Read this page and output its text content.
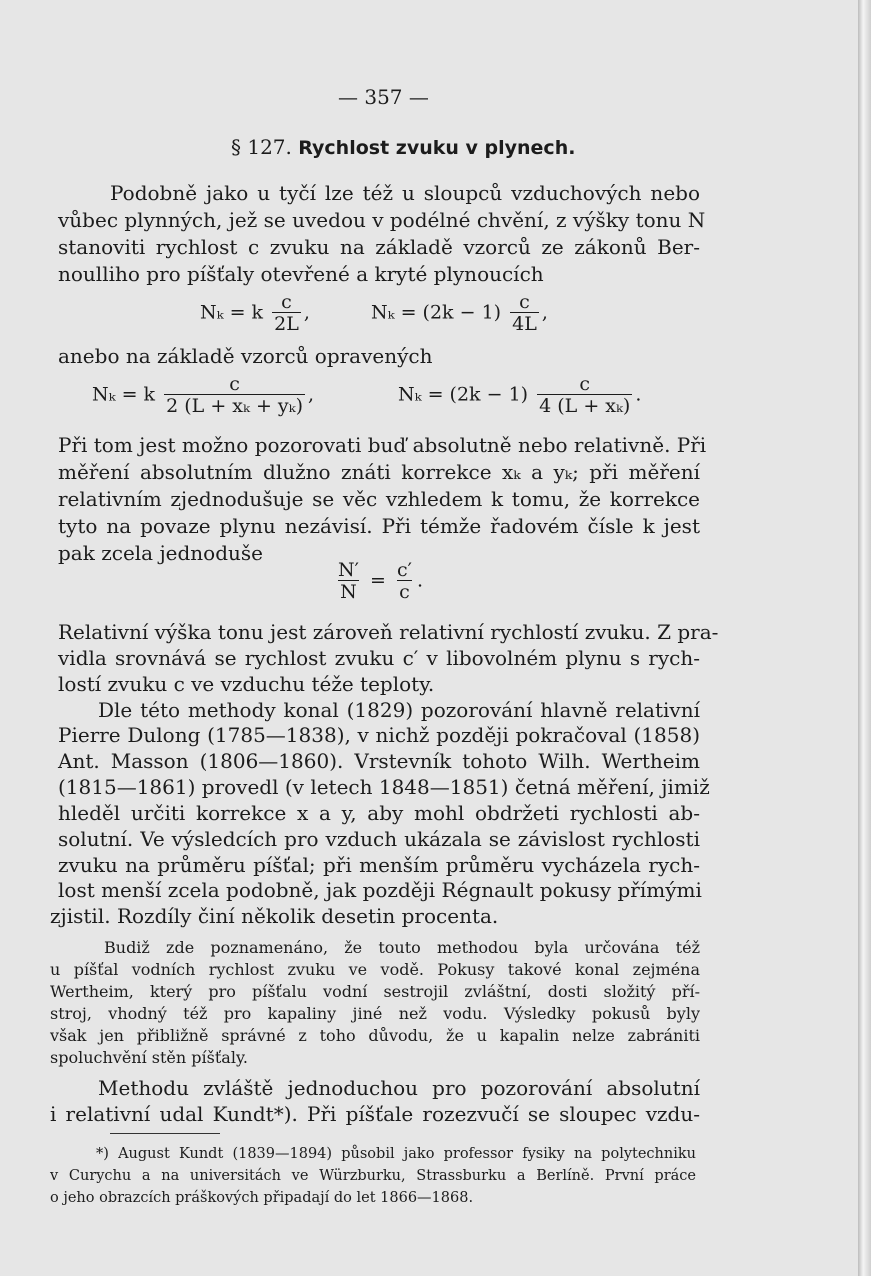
— 357 —
§ 127. Rychlost zvuku v plynech.
Podobně jako u tyčí lze též u sloupců vzduchových nebo
vůbec plynných, jež se uvedou v podélné chvění, z výšky tonu N
stanoviti rychlost c zvuku na základě vzorců ze zákonů Ber-
noulliho pro píšťaly otevřené a kryté plynoucích
Nₖ = k $\frac{c}{2L}$ ,	$N_k = (2k - 1) \frac{c}{4L}$ ,
anebo na základě vzorců opravených
Nₖ = k $\frac{c}{\text{2 (L + xₖ + yₖ)}}$ ,	$N_k = (2k - 1) \frac{c}{\text{4 (L + xₖ)}}$ .
Při tom jest možno pozorovati buď absolutně nebo relativně. Při
měření absolutním dlužno znáti korrekce xₖ a yₖ; při měření
relativním zjednodušuje se věc vzhledem k tomu, že korrekce
tyto na povaze plynu nezávisí. Při témže řadovém čísle k jest
pak zcela jednoduše
$\frac{N'}{N} = \frac{c'}{c}$ .
Relativní výška tonu jest zároveň relativní rychlostí zvuku. Z pra-
vidla srovnává se rychlost zvuku c′ v libovolném plynu s rych-
lostí zvuku c ve vzduchu téže teploty.
Dle této methody konal (1829) pozorování hlavně relativní
Pierre Dulong (1785—1838), v nichž později pokračoval (1858)
Ant. Masson (1806—1860). Vrstevník tohoto Wilh. Wertheim
(1815—1861) provedl (v letech 1848—1851) četná měření, jimiž
hleděl určiti korrekce x a y, aby mohl obdržeti rychlosti ab-
solutní. Ve výsledcích pro vzduch ukázala se závislost rychlosti
zvuku na průměru píšťal; při menším průměru vycházela rych-
lost menší zcela podobně, jak později Régnault pokusy přímými
zjistil. Rozdíly činí několik desetin procenta.
Budiž zde poznamenáno, že touto methodou byla určována též
u píšťal vodních rychlost zvuku ve vodě. Pokusy takové konal zejména
Wertheim, který pro píšťalu vodní sestrojil zvláštní, dosti složitý pří-
stroj, vhodný též pro kapaliny jiné než vodu. Výsledky pokusů byly
však jen přibližně správné z toho důvodu, že u kapalin nelze zabrániti
spoluchvění stěn píšťaly.
Methodu zvláště jednoduchou pro pozorování absolutní
i relativní udal Kundt*). Při píšťale rozezvučí se sloupec vzdu-
*) August Kundt (1839—1894) působil jako professor fysiky na polytechniku
v Curychu a na universitách ve Würzburku, Strassburku a Berlíně. První práce
o jeho obrazcích práškových připadají do let 1866—1868.
